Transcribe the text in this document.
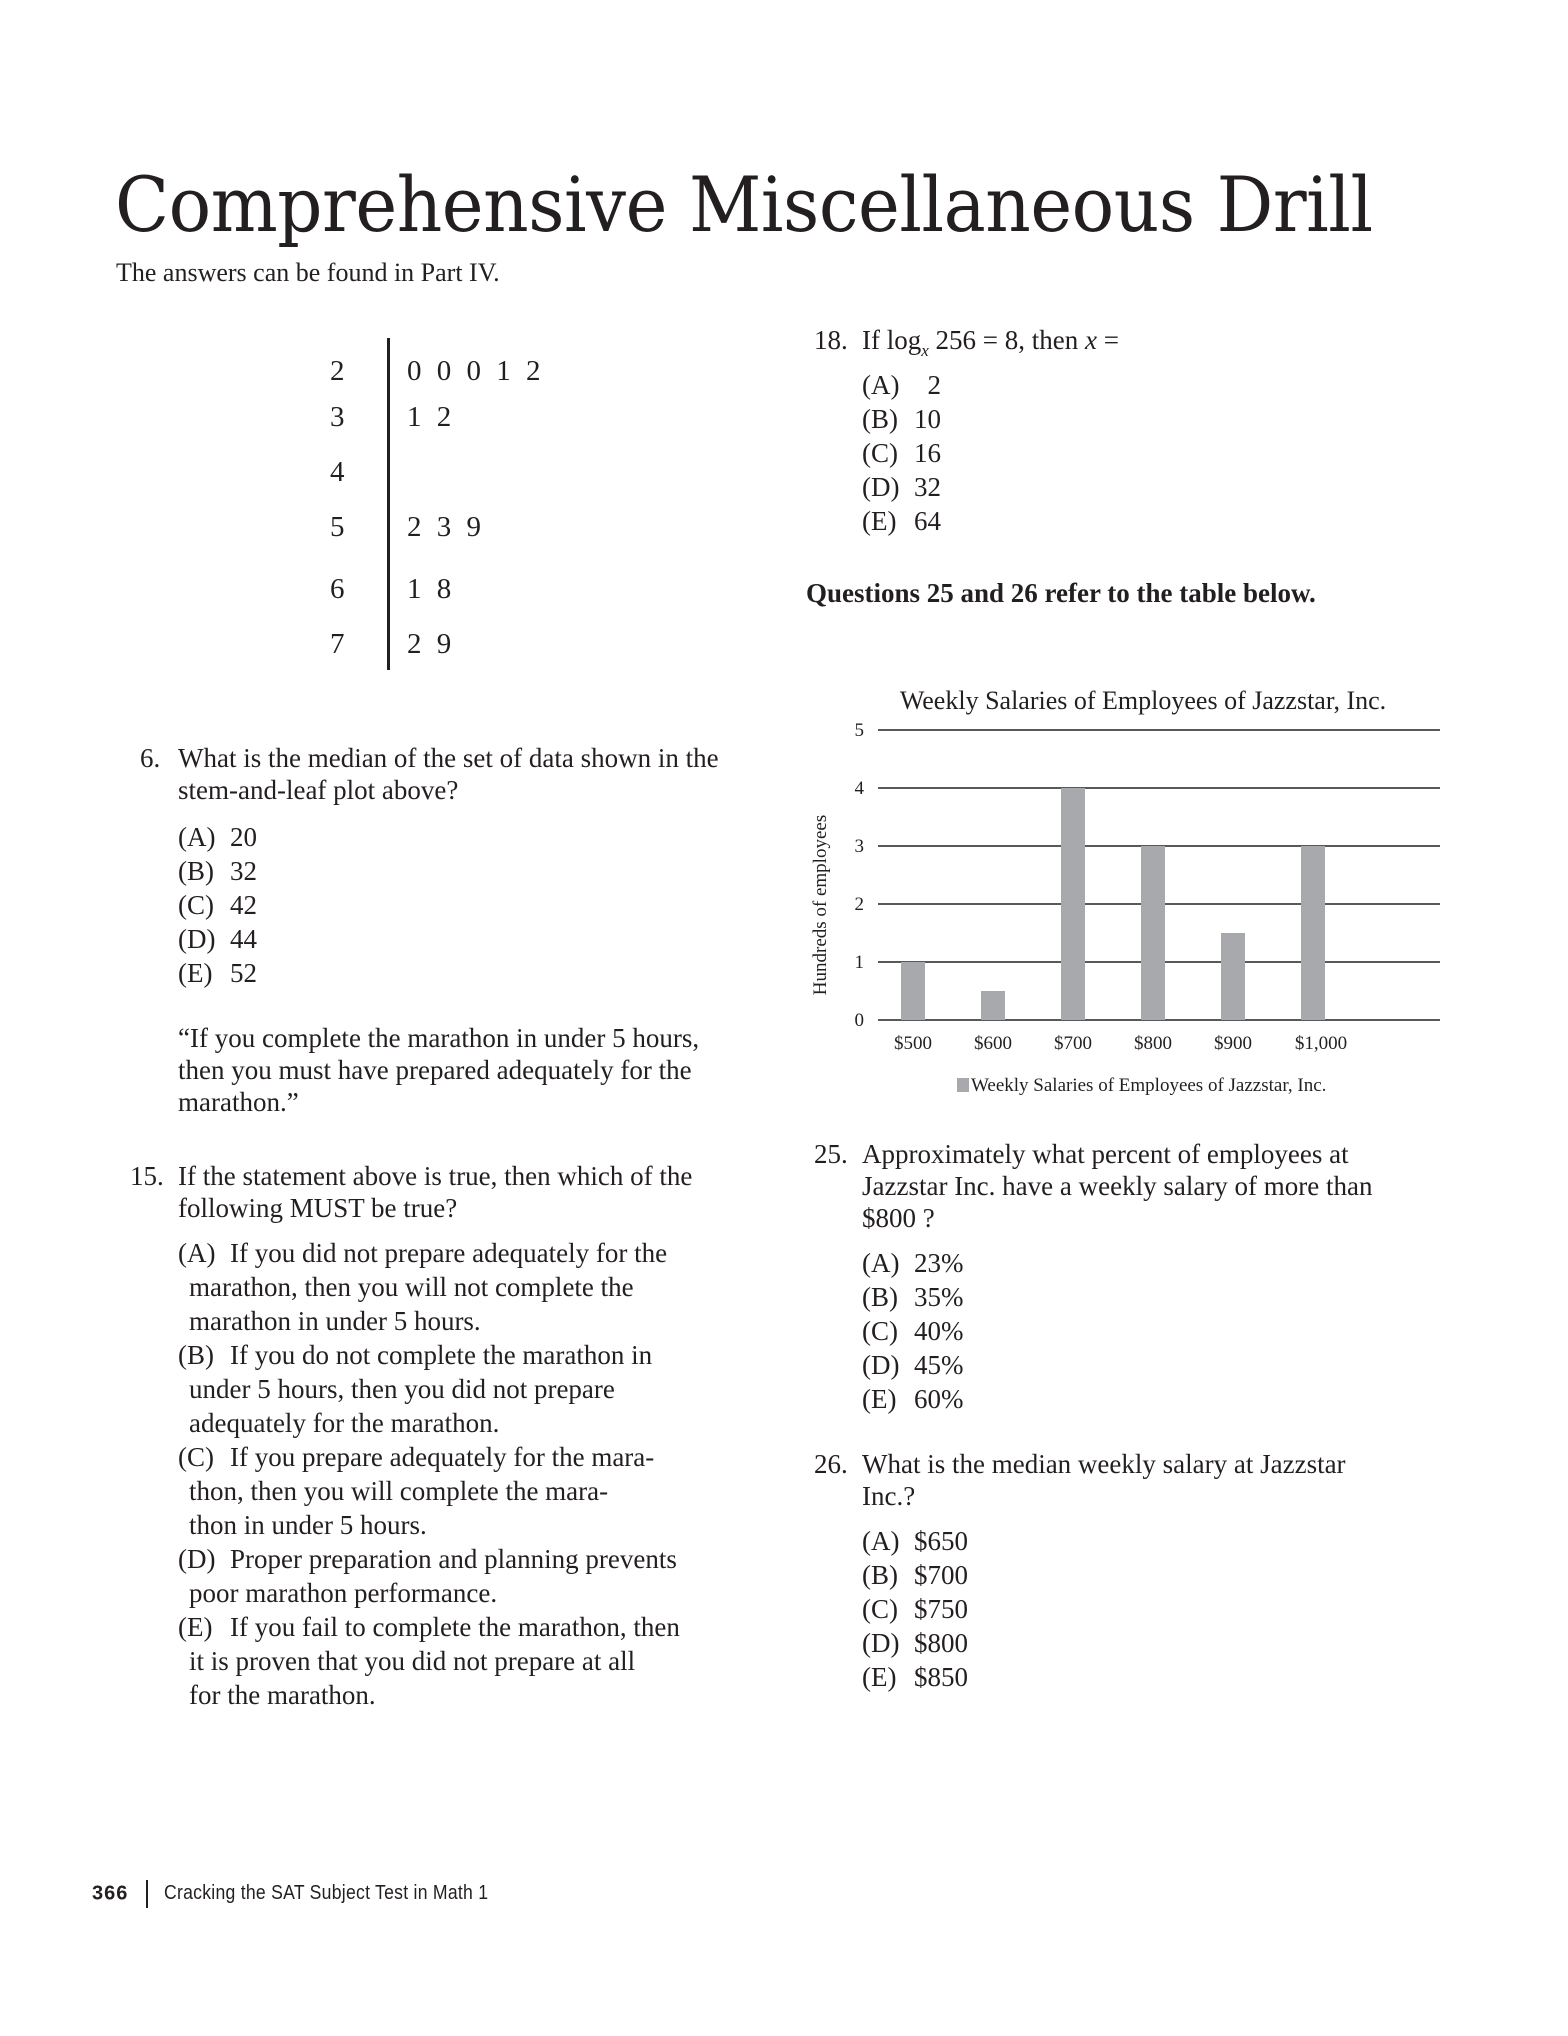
Comprehensive Miscellaneous Drill
The answers can be found in Part IV.
2	0 0 0 1 2
3	1 2
4
5	2 3 9
6	1 8
7	2 9
6. What is the median of the set of data shown in the
stem-and-leaf plot above?
(A) 20
(B) 32
(C) 42
(D) 44
(E) 52
“If you complete the marathon in under 5 hours,
then you must have prepared adequately for the
marathon.”
15. If the statement above is true, then which of the
following MUST be true?
(A) If you did not prepare adequately for the
marathon, then you will not complete the
marathon in under 5 hours.
(B) If you do not complete the marathon in
under 5 hours, then you did not prepare
adequately for the marathon.
(C) If you prepare adequately for the mara-
thon, then you will complete the mara-
thon in under 5 hours.
(D) Proper preparation and planning prevents
poor marathon performance.
(E) If you fail to complete the marathon, then
it is proven that you did not prepare at all
for the marathon.
18. If $\log_x 256 = 8$, then x =
(A)  2
(B) 10
(C) 16
(D) 32
(E) 64
Questions 25 and 26 refer to the table below.
Weekly Salaries of Employees of Jazzstar, Inc.
Hundreds of employees
0
1
2
3
4
5
$500 $600 $700 $800 $900 $1,000
Weekly Salaries of Employees of Jazzstar, Inc.
25. Approximately what percent of employees at
Jazzstar Inc. have a weekly salary of more than
$800 ?
(A) 23%
(B) 35%
(C) 40%
(D) 45%
(E) 60%
26. What is the median weekly salary at Jazzstar
Inc.?
(A) $650
(B) $700
(C) $750
(D) $800
(E) $850
366 Cracking the SAT Subject Test in Math 1
